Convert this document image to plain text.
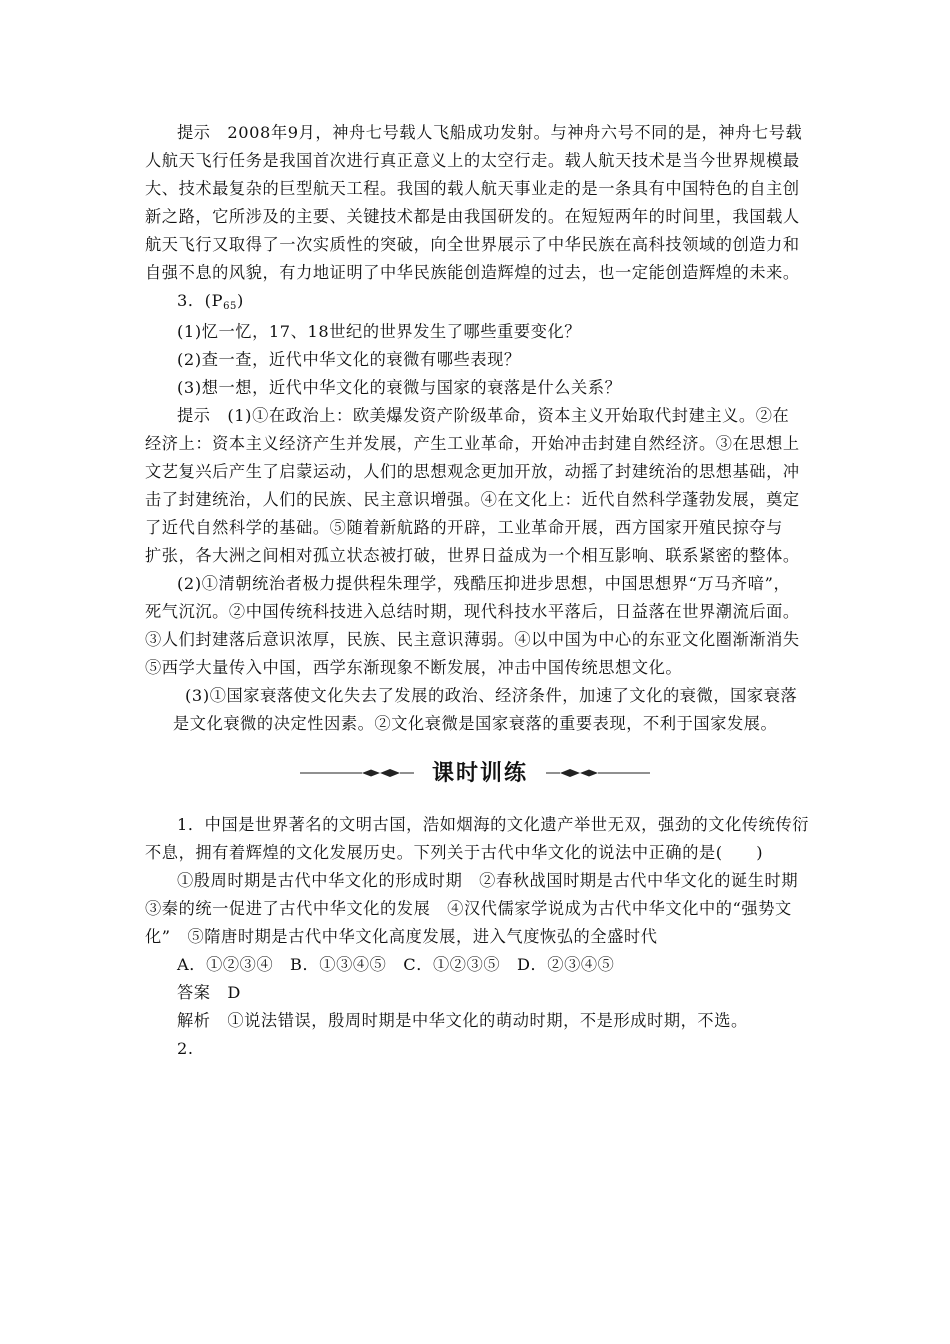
提示　2008年9月，神舟七号载人飞船成功发射。与神舟六号不同的是，神舟七号载

人航天飞行任务是我国首次进行真正意义上的太空行走。载人航天技术是当今世界规模最

大、技术最复杂的巨型航天工程。我国的载人航天事业走的是一条具有中国特色的自主创

新之路，它所涉及的主要、关键技术都是由我国研发的。在短短两年的时间里，我国载人

航天飞行又取得了一次实质性的突破，向全世界展示了中华民族在高科技领域的创造力和

自强不息的风貌，有力地证明了中华民族能创造辉煌的过去，也一定能创造辉煌的未来。

3．(P65)

(1)忆一忆，17、18世纪的世界发生了哪些重要变化？

(2)查一查，近代中华文化的衰微有哪些表现？

(3)想一想，近代中华文化的衰微与国家的衰落是什么关系？

提示　(1)①在政治上：欧美爆发资产阶级革命，资本主义开始取代封建主义。②在

经济上：资本主义经济产生并发展，产生工业革命，开始冲击封建自然经济。③在思想上

文艺复兴后产生了启蒙运动，人们的思想观念更加开放，动摇了封建统治的思想基础，冲

击了封建统治，人们的民族、民主意识增强。④在文化上：近代自然科学蓬勃发展，奠定

了近代自然科学的基础。⑤随着新航路的开辟，工业革命开展，西方国家开殖民掠夺与

扩张，各大洲之间相对孤立状态被打破，世界日益成为一个相互影响、联系紧密的整体。

(2)①清朝统治者极力提供程朱理学，残酷压抑进步思想，中国思想界“万马齐喑”，

死气沉沉。②中国传统科技进入总结时期，现代科技水平落后，日益落在世界潮流后面。

③人们封建落后意识浓厚，民族、民主意识薄弱。④以中国为中心的东亚文化圈渐渐消失

⑤西学大量传入中国，西学东渐现象不断发展，冲击中国传统思想文化。

(3)①国家衰落使文化失去了发展的政治、经济条件，加速了文化的衰微，国家衰落

是文化衰微的决定性因素。②文化衰微是国家衰落的重要表现，不利于国家发展。

课时训练

1．中国是世界著名的文明古国，浩如烟海的文化遗产举世无双，强劲的文化传统传衍

不息，拥有着辉煌的文化发展历史。下列关于古代中华文化的说法中正确的是(　　)

①殷周时期是古代中华文化的形成时期　②春秋战国时期是古代中华文化的诞生时期

③秦的统一促进了古代中华文化的发展　④汉代儒家学说成为古代中华文化中的“强势文

化”　⑤隋唐时期是古代中华文化高度发展，进入气度恢弘的全盛时代

A．①②③④　B．①③④⑤　C．①②③⑤　D．②③④⑤

答案　D

解析　①说法错误，殷周时期是中华文化的萌动时期，不是形成时期，不选。

2.
